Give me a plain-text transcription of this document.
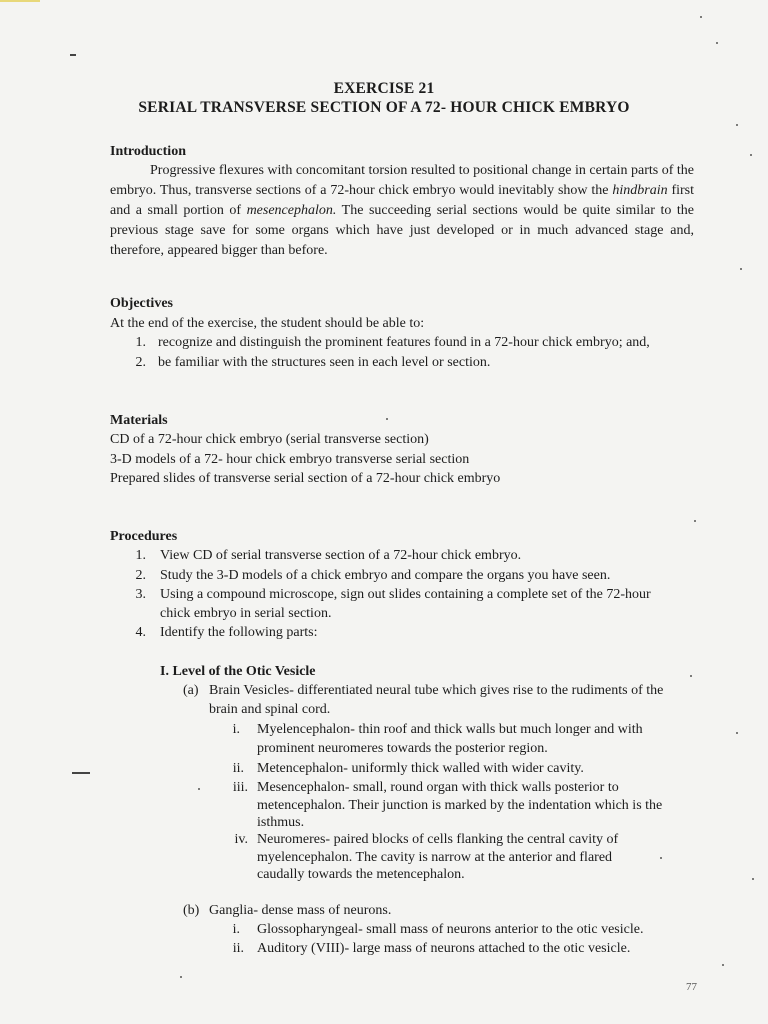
EXERCISE 21
SERIAL TRANSVERSE SECTION OF A 72- HOUR CHICK EMBRYO
Introduction
Progressive flexures with concomitant torsion resulted to positional change in certain parts of the embryo. Thus, transverse sections of a 72-hour chick embryo would inevitably show the hindbrain first and a small portion of mesencephalon. The succeeding serial sections would be quite similar to the previous stage save for some organs which have just developed or in much advanced stage and, therefore, appeared bigger than before.
Objectives
At the end of the exercise, the student should be able to:
1. recognize and distinguish the prominent features found in a 72-hour chick embryo; and,
2. be familiar with the structures seen in each level or section.
Materials
CD of a 72-hour chick embryo (serial transverse section)
3-D models of a 72- hour chick embryo transverse serial section
Prepared slides of transverse serial section of a 72-hour chick embryo
Procedures
1. View CD of serial transverse section of a 72-hour chick embryo.
2. Study the 3-D models of a chick embryo and compare the organs you have seen.
3. Using a compound microscope, sign out slides containing a complete set of the 72-hour
chick embryo in serial section.
4. Identify the following parts:
I. Level of the Otic Vesicle
(a) Brain Vesicles- differentiated neural tube which gives rise to the rudiments of the
brain and spinal cord.
i. Myelencephalon- thin roof and thick walls but much longer and with
prominent neuromeres towards the posterior region.
ii. Metencephalon- uniformly thick walled with wider cavity.
iii. Mesencephalon- small, round organ with thick walls posterior to
metencephalon. Their junction is marked by the indentation which is the
isthmus.
iv. Neuromeres- paired blocks of cells flanking the central cavity of
myelencephalon. The cavity is narrow at the anterior and flared
caudally towards the metencephalon.
(b) Ganglia- dense mass of neurons.
i. Glossopharyngeal- small mass of neurons anterior to the otic vesicle.
ii. Auditory (VIII)- large mass of neurons attached to the otic vesicle.
77
